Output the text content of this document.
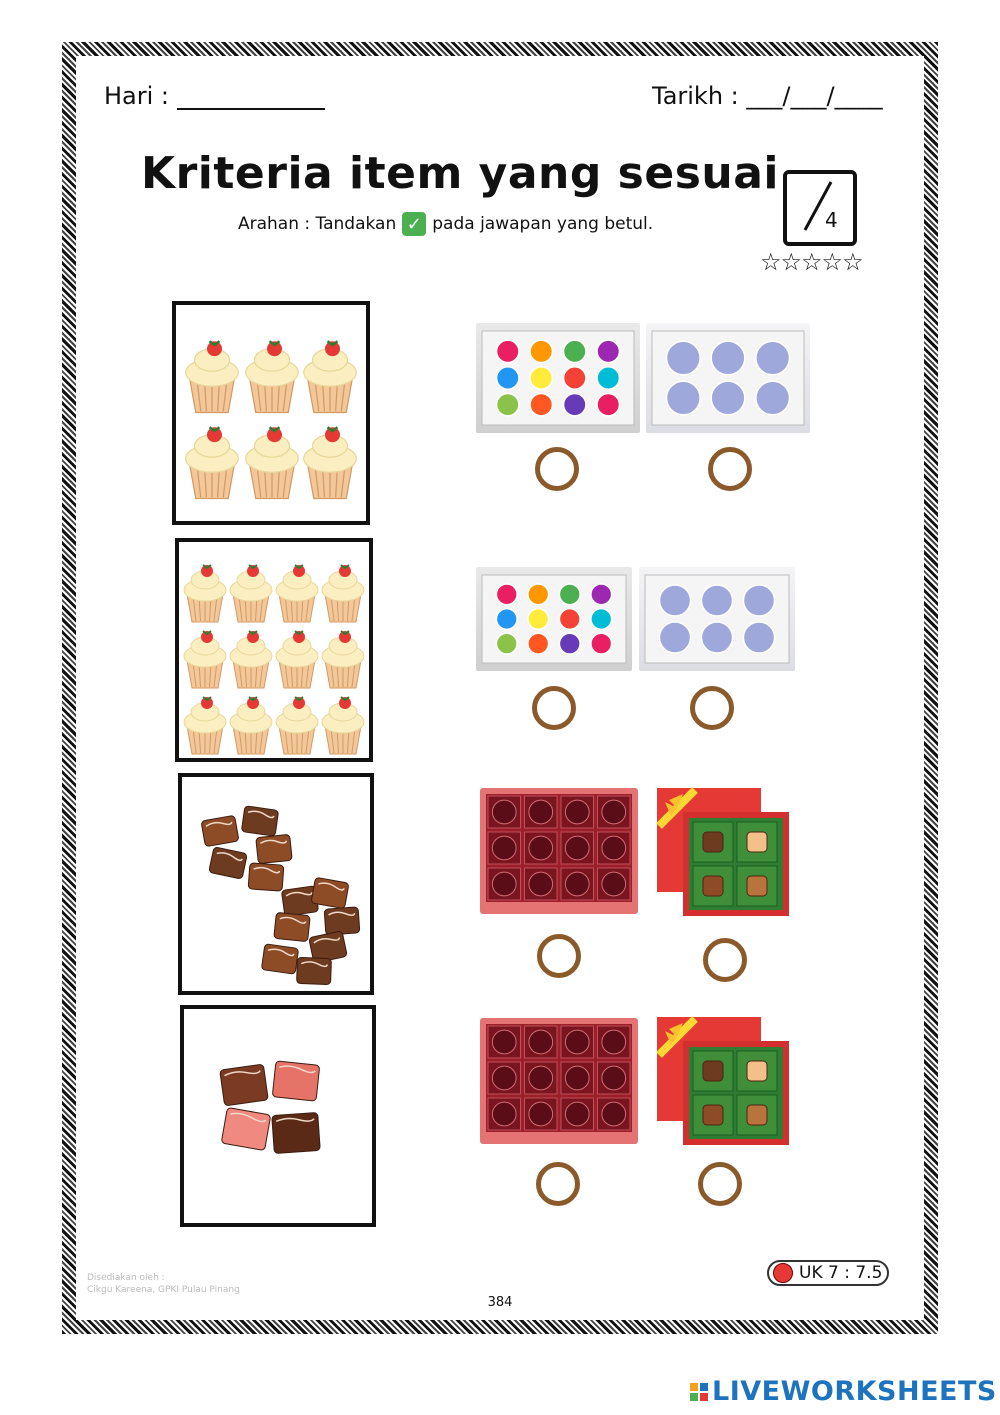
Hari :	Tarikh : ___/___/____
Kriteria item yang sesuai
Arahan : Tandakan ✓ pada jawapan yang betul.	4
☆☆☆☆☆
UK 7 : 7.5
Disediakan oleh :
Cikgu Kareena, GPKI Pulau Pinang
384
LIVEWORKSHEETS
